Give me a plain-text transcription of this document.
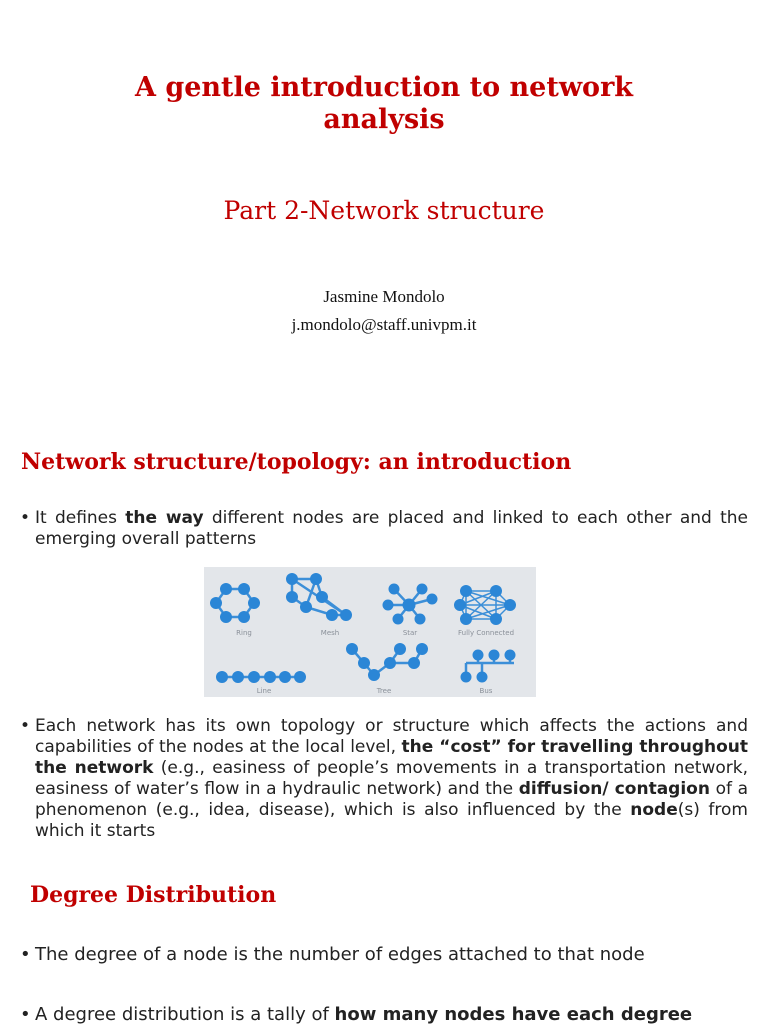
A gentle introduction to network
analysis
Part 2-Network structure
Jasmine Mondolo
j.mondolo@staff.univpm.it
Network structure/topology: an introduction
• It defines the way different nodes are placed and linked to each other and the emerging overall patterns
Ring	Mesh	Star	Fully Connected
Line	Tree	Bus
• Each network has its own topology or structure which affects the actions and capabilities of the nodes at the local level, the “cost” for travelling throughout the network (e.g., easiness of people’s movements in a transportation network, easiness of water’s flow in a hydraulic network) and the diffusion/ contagion of a phenomenon (e.g., idea, disease), which is also influenced by the node(s) from which it starts
Degree Distribution
• The degree of a node is the number of edges attached to that node
• A degree distribution is a tally of how many nodes have each degree
